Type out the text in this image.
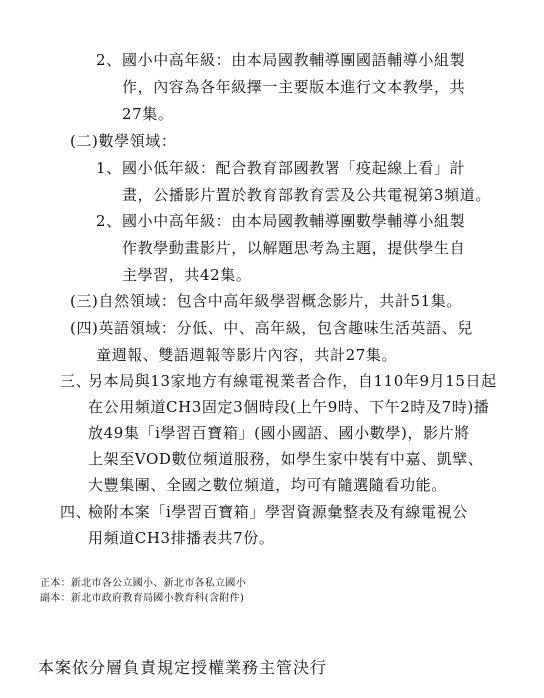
2、 國小中高年級：由本局國教輔導團國語輔導小組製
作，內容為各年級擇一主要版本進行文本教學，共
27集。
(二)數學領域：
1、 國小低年級：配合教育部國教署「疫起線上看」計
畫，公播影片置於教育部教育雲及公共電視第3頻道。
2、 國小中高年級：由本局國教輔導團數學輔導小組製
作教學動畫影片，以解題思考為主題，提供學生自
主學習，共42集。
(三)自然領域：包含中高年級學習概念影片，共計51集。
(四)英語領域：分低、中、高年級，包含趣味生活英語、兒
童週報、雙語週報等影片內容，共計27集。
三、
另本局與13家地方有線電視業者合作，自110年9月15日起
在公用頻道CH3固定3個時段(上午9時、下午2時及7時)播
放49集「i學習百寶箱」(國小國語、國小數學)，影片將
上架至VOD數位頻道服務，如學生家中裝有中嘉、凱擘、
大豐集團、全國之數位頻道，均可有隨選隨看功能。
四、
檢附本案「i學習百寶箱」學習資源彙整表及有線電視公
用頻道CH3排播表共7份。
正本：新北市各公立國小、新北市各私立國小
副本：新北市政府教育局國小教育科(含附件)
本案依分層負責規定授權業務主管決行
